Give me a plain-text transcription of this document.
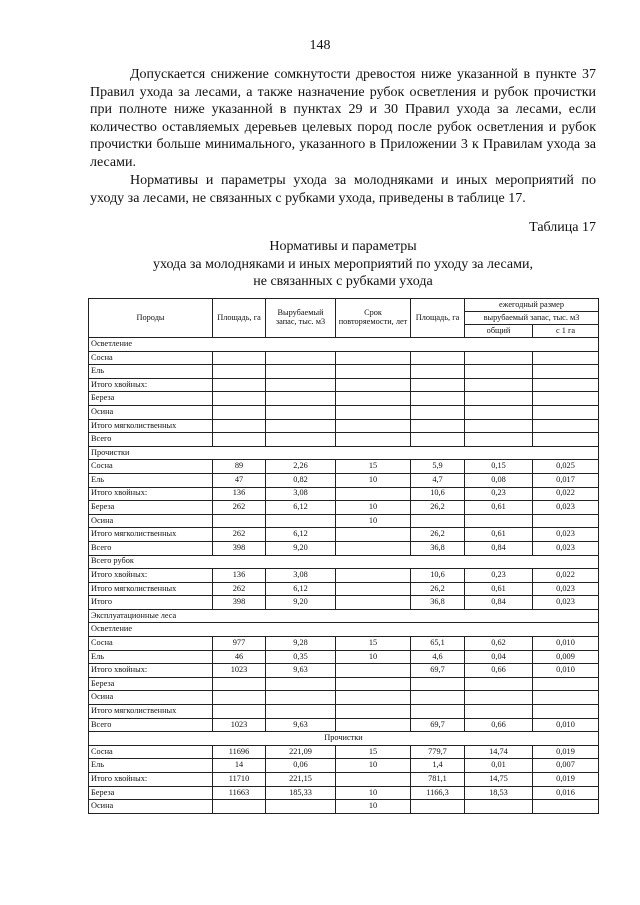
148

Допускается снижение сомкнутости древостоя ниже указанной в пункте 37 Правил ухода за лесами, а также назначение рубок осветления и рубок прочистки при полноте ниже указанной в пунктах 29 и 30 Правил ухода за лесами, если количество оставляемых деревьев целевых пород после рубок осветления и рубок прочистки больше минимального, указанного в Приложении 3 к Правилам ухода за лесами.

Нормативы и параметры ухода за молодняками и иных мероприятий по уходу за лесами, не связанных с рубками ухода, приведены в таблице 17.

Таблица 17
Нормативы и параметры
ухода за молодняками и иных мероприятий по уходу за лесами,
не связанных с рубками ухода
Породы	Площадь, га	Вырубаемый запас, тыс. м3	Срок повторяемости, лет	Площадь, га	ежегодный размер	
					вырубаемый запас, тыс. м3	
					общий	с 1 га
Осветление						
Сосна						
Ель						
Итого хвойных:						
Береза						
Осина						
Итого мягколиственных						
Всего						
Прочистки						
Сосна	89	2,26	15	5,9	0,15	0,025
Ель	47	0,82	10	4,7	0,08	0,017
Итого хвойных:	136	3,08		10,6	0,23	0,022
Береза	262	6,12	10	26,2	0,61	0,023
Осина			10			
Итого мягколиственных	262	6,12		26,2	0,61	0,023
Всего	398	9,20		36,8	0,84	0,023
Всего рубок						
Итого хвойных:	136	3,08		10,6	0,23	0,022
Итого мягколиственных	262	6,12		26,2	0,61	0,023
Итого	398	9,20		36,8	0,84	0,023
Эксплуатационные леса						
Осветление						
Сосна	977	9,28	15	65,1	0,62	0,010
Ель	46	0,35	10	4,6	0,04	0,009
Итого хвойных:	1023	9,63		69,7	0,66	0,010
Береза						
Осина						
Итого мягколиственных						
Всего	1023	9,63		69,7	0,66	0,010
Прочистки						
Сосна	11696	221,09	15	779,7	14,74	0,019
Ель	14	0,06	10	1,4	0,01	0,007
Итого хвойных:	11710	221,15		781,1	14,75	0,019
Береза	11663	185,33	10	1166,3	18,53	0,016
Осина			10			
